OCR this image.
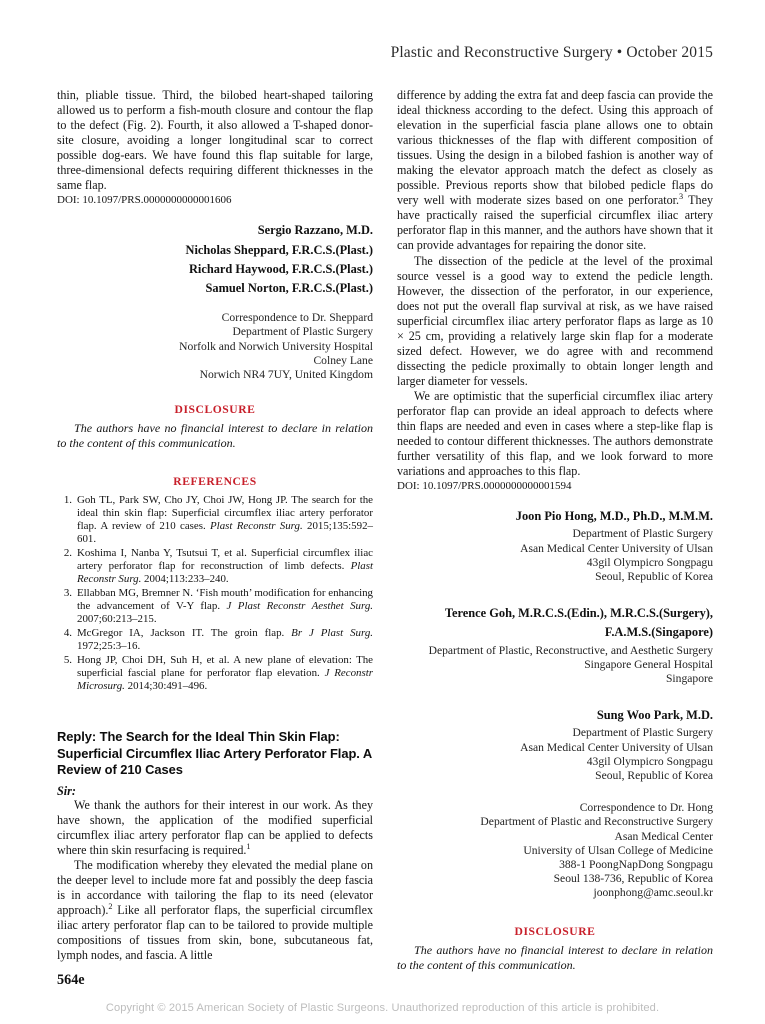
Plastic and Reconstructive Surgery • October 2015

thin, pliable tissue. Third, the bilobed heart-shaped tailoring allowed us to perform a fish-mouth closure and contour the flap to the defect (Fig. 2). Fourth, it also allowed a T-shaped donor-site closure, avoiding a longer longitudinal scar to correct possible dog-ears. We have found this flap suitable for large, three-dimensional defects requiring different thicknesses in the same flap.

DOI: 10.1097/PRS.0000000000001606

Sergio Razzano, M.D.
Nicholas Sheppard, F.R.C.S.(Plast.)
Richard Haywood, F.R.C.S.(Plast.)
Samuel Norton, F.R.C.S.(Plast.)
Correspondence to Dr. Sheppard
Department of Plastic Surgery
Norfolk and Norwich University Hospital
Colney Lane
Norwich NR4 7UY, United Kingdom
DISCLOSURE

The authors have no financial interest to declare in relation to the content of this communication.

REFERENCES
Goh TL, Park SW, Cho JY, Choi JW, Hong JP. The search for the ideal thin skin flap: Superficial circumflex iliac artery perforator flap. A review of 210 cases. Plast Reconstr Surg. 2015;135:592–601.
Koshima I, Nanba Y, Tsutsui T, et al. Superficial circumflex iliac artery perforator flap for reconstruction of limb defects. Plast Reconstr Surg. 2004;113:233–240.
Ellabban MG, Bremner N. ‘Fish mouth’ modification for enhancing the advancement of V-Y flap. J Plast Reconstr Aesthet Surg. 2007;60:213–215.
McGregor IA, Jackson IT. The groin flap. Br J Plast Surg. 1972;25:3–16.
Hong JP, Choi DH, Suh H, et al. A new plane of elevation: The superficial fascial plane for perforator flap elevation. J Reconstr Microsurg. 2014;30:491–496.
Reply: The Search for the Ideal Thin Skin Flap: Superficial Circumflex Iliac Artery Perforator Flap. A Review of 210 Cases
Sir:

We thank the authors for their interest in our work. As they have shown, the application of the modified superficial circumflex iliac artery perforator flap can be applied to defects where thin skin resurfacing is required.$^1$

The modification whereby they elevated the medial plane on the deeper level to include more fat and possibly the deep fascia is in accordance with tailoring the flap to its need (elevator approach).$^2$ Like all perforator flaps, the superficial circumflex iliac artery perforator flap can to be tailored to provide multiple compositions of tissues from skin, bone, subcutaneous fat, lymph nodes, and fascia. A little

difference by adding the extra fat and deep fascia can provide the ideal thickness according to the defect. Using this approach of elevation in the superficial fascia plane allows one to obtain various thicknesses of the flap with different composition of tissues. Using the design in a bilobed fashion is another way of making the elevator approach match the defect as closely as possible. Previous reports show that bilobed pedicle flaps do very well with moderate sizes based on one perforator.$^3$ They have practically raised the superficial circumflex iliac artery perforator flap in this manner, and the authors have shown that it can provide advantages for repairing the donor site.

The dissection of the pedicle at the level of the proximal source vessel is a good way to extend the pedicle length. However, the dissection of the perforator, in our experience, does not put the overall flap survival at risk, as we have raised superficial circumflex iliac artery perforator flaps as large as 10 × 25 cm, providing a relatively large skin flap for a moderate sized defect. However, we do agree with and recommend dissecting the pedicle proximally to obtain longer length and larger diameter for vessels.

We are optimistic that the superficial circumflex iliac artery perforator flap can provide an ideal approach to defects where thin flaps are needed and even in cases where a step-like flap is needed to contour different thicknesses. The authors demonstrate further versatility of this flap, and we look forward to more variations and approaches to this flap.

DOI: 10.1097/PRS.0000000000001594

Joon Pio Hong, M.D., Ph.D., M.M.M.
Department of Plastic Surgery
Asan Medical Center University of Ulsan
43gil Olympicro Songpagu
Seoul, Republic of Korea
Terence Goh, M.R.C.S.(Edin.), M.R.C.S.(Surgery),
F.A.M.S.(Singapore)
Department of Plastic, Reconstructive, and Aesthetic Surgery
Singapore General Hospital
Singapore
Sung Woo Park, M.D.
Department of Plastic Surgery
Asan Medical Center University of Ulsan
43gil Olympicro Songpagu
Seoul, Republic of Korea
Correspondence to Dr. Hong
Department of Plastic and Reconstructive Surgery
Asan Medical Center
University of Ulsan College of Medicine
388-1 PoongNapDong Songpagu
Seoul 138-736, Republic of Korea
joonphong@amc.seoul.kr
DISCLOSURE

The authors have no financial interest to declare in relation to the content of this communication.

564e
Copyright © 2015 American Society of Plastic Surgeons. Unauthorized reproduction of this article is prohibited.
